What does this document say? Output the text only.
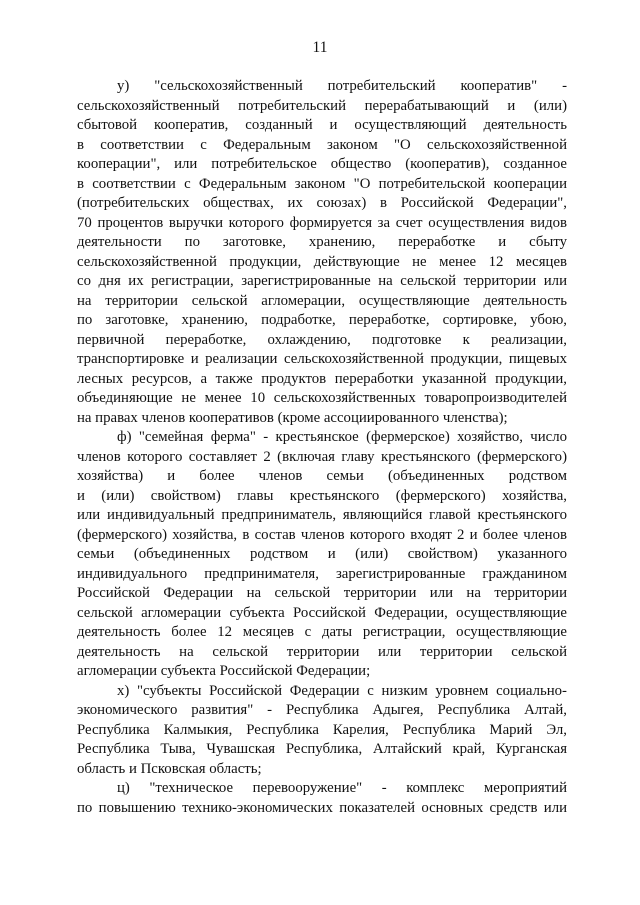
11
у) "сельскохозяйственный потребительский кооператив" -
сельскохозяйственный потребительский перерабатывающий и (или)
сбытовой кооператив, созданный и осуществляющий деятельность
в соответствии с Федеральным законом "О сельскохозяйственной
кооперации", или потребительское общество (кооператив), созданное
в соответствии с Федеральным законом "О потребительской кооперации
(потребительских обществах, их союзах) в Российской Федерации",
70 процентов выручки которого формируется за счет осуществления видов
деятельности по заготовке, хранению, переработке и сбыту
сельскохозяйственной продукции, действующие не менее 12 месяцев
со дня их регистрации, зарегистрированные на сельской территории или
на территории сельской агломерации, осуществляющие деятельность
по заготовке, хранению, подработке, переработке, сортировке, убою,
первичной переработке, охлаждению, подготовке к реализации,
транспортировке и реализации сельскохозяйственной продукции, пищевых
лесных ресурсов, а также продуктов переработки указанной продукции,
объединяющие не менее 10 сельскохозяйственных товаропроизводителей
на правах членов кооперативов (кроме ассоциированного членства);
ф) "семейная ферма" - крестьянское (фермерское) хозяйство, число
членов которого составляет 2 (включая главу крестьянского (фермерского)
хозяйства) и более членов семьи (объединенных родством
и (или) свойством) главы крестьянского (фермерского) хозяйства,
или индивидуальный предприниматель, являющийся главой крестьянского
(фермерского) хозяйства, в состав членов которого входят 2 и более членов
семьи (объединенных родством и (или) свойством) указанного
индивидуального предпринимателя, зарегистрированные гражданином
Российской Федерации на сельской территории или на территории
сельской агломерации субъекта Российской Федерации, осуществляющие
деятельность более 12 месяцев с даты регистрации, осуществляющие
деятельность на сельской территории или территории сельской
агломерации субъекта Российской Федерации;
х) "субъекты Российской Федерации с низким уровнем социально-
экономического развития" - Республика Адыгея, Республика Алтай,
Республика Калмыкия, Республика Карелия, Республика Марий Эл,
Республика Тыва, Чувашская Республика, Алтайский край, Курганская
область и Псковская область;
ц) "техническое перевооружение" - комплекс мероприятий
по повышению технико-экономических показателей основных средств или
